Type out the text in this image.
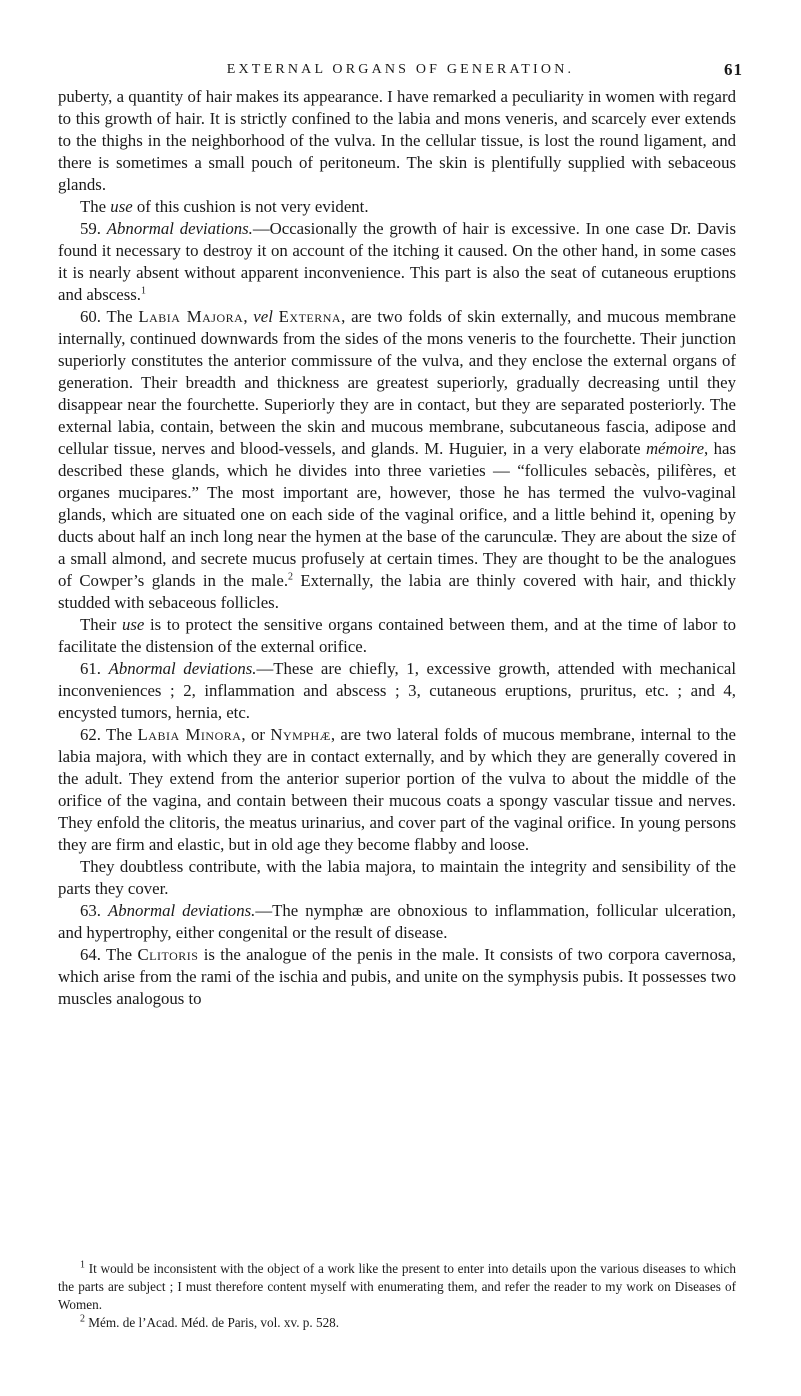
EXTERNAL ORGANS OF GENERATION.	61

puberty, a quantity of hair makes its appearance. I have remarked a peculiarity in women with regard to this growth of hair. It is strictly confined to the labia and mons veneris, and scarcely ever extends to the thighs in the neighborhood of the vulva. In the cellular tissue, is lost the round ligament, and there is sometimes a small pouch of peritoneum. The skin is plentifully supplied with sebaceous glands.

The use of this cushion is not very evident.

59. Abnormal deviations.—Occasionally the growth of hair is excessive. In one case Dr. Davis found it necessary to destroy it on account of the itching it caused. On the other hand, in some cases it is nearly absent without apparent inconvenience. This part is also the seat of cutaneous eruptions and abscess.$^1$

60. The Labia Majora, vel Externa, are two folds of skin externally, and mucous membrane internally, continued downwards from the sides of the mons veneris to the fourchette. Their junction superiorly constitutes the anterior commissure of the vulva, and they enclose the external organs of generation. Their breadth and thickness are greatest superiorly, gradually decreasing until they disappear near the fourchette. Superiorly they are in contact, but they are separated posteriorly. The external labia, contain, between the skin and mucous membrane, subcutaneous fascia, adipose and cellular tissue, nerves and blood-vessels, and glands. M. Huguier, in a very elaborate mémoire, has described these glands, which he divides into three varieties — “follicules sebacès, pilifères, et organes mucipares.” The most important are, however, those he has termed the vulvo-vaginal glands, which are situated one on each side of the vaginal orifice, and a little behind it, opening by ducts about half an inch long near the hymen at the base of the carunculæ. They are about the size of a small almond, and secrete mucus profusely at certain times. They are thought to be the analogues of Cowper’s glands in the male.$^2$ Externally, the labia are thinly covered with hair, and thickly studded with sebaceous follicles.

Their use is to protect the sensitive organs contained between them, and at the time of labor to facilitate the distension of the external orifice.

61. Abnormal deviations.—These are chiefly, 1, excessive growth, attended with mechanical inconveniences ; 2, inflammation and abscess ; 3, cutaneous eruptions, pruritus, etc. ; and 4, encysted tumors, hernia, etc.

62. The Labia Minora, or Nymphæ, are two lateral folds of mucous membrane, internal to the labia majora, with which they are in contact externally, and by which they are generally covered in the adult. They extend from the anterior superior portion of the vulva to about the middle of the orifice of the vagina, and contain between their mucous coats a spongy vascular tissue and nerves. They enfold the clitoris, the meatus urinarius, and cover part of the vaginal orifice. In young persons they are firm and elastic, but in old age they become flabby and loose.

They doubtless contribute, with the labia majora, to maintain the integrity and sensibility of the parts they cover.

63. Abnormal deviations.—The nymphæ are obnoxious to inflammation, follicular ulceration, and hypertrophy, either congenital or the result of disease.

64. The Clitoris is the analogue of the penis in the male. It consists of two corpora cavernosa, which arise from the rami of the ischia and pubis, and unite on the symphysis pubis. It possesses two muscles analogous to

$^1$ It would be inconsistent with the object of a work like the present to enter into details upon the various diseases to which the parts are subject ; I must therefore content myself with enumerating them, and refer the reader to my work on Diseases of Women.

$^2$ Mém. de l’Acad. Méd. de Paris, vol. xv. p. 528.
